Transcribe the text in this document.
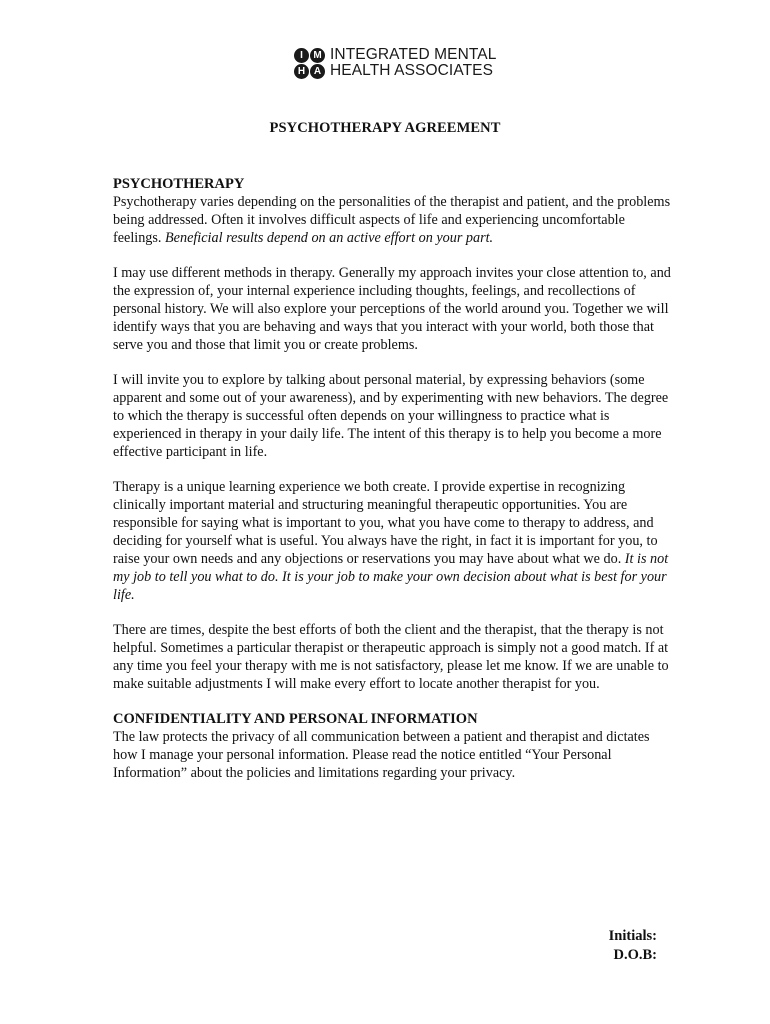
I	M
H A
INTEGRATED MENTAL
HEALTH ASSOCIATES
PSYCHOTHERAPY AGREEMENT

PSYCHOTHERAPY

Psychotherapy varies depending on the personalities of the therapist and patient, and the problems being addressed. Often it involves difficult aspects of life and experiencing uncomfortable feelings. Beneficial results depend on an active effort on your part.

I may use different methods in therapy. Generally my approach invites your close attention to, and the expression of, your internal experience including thoughts, feelings, and recollections of personal history. We will also explore your perceptions of the world around you. Together we will identify ways that you are behaving and ways that you interact with your world, both those that serve you and those that limit you or create problems.

I will invite you to explore by talking about personal material, by expressing behaviors (some apparent and some out of your awareness), and by experimenting with new behaviors. The degree to which the therapy is successful often depends on your willingness to practice what is experienced in therapy in your daily life. The intent of this therapy is to help you become a more effective participant in life.

Therapy is a unique learning experience we both create. I provide expertise in recognizing clinically important material and structuring meaningful therapeutic opportunities. You are responsible for saying what is important to you, what you have come to therapy to address, and deciding for yourself what is useful. You always have the right, in fact it is important for you, to raise your own needs and any objections or reservations you may have about what we do. It is not my job to tell you what to do. It is your job to make your own decision about what is best for your life.

There are times, despite the best efforts of both the client and the therapist, that the therapy is not helpful. Sometimes a particular therapist or therapeutic approach is simply not a good match. If at any time you feel your therapy with me is not satisfactory, please let me know. If we are unable to make suitable adjustments I will make every effort to locate another therapist for you.

CONFIDENTIALITY AND PERSONAL INFORMATION

The law protects the privacy of all communication between a patient and therapist and dictates how I manage your personal information. Please read the notice entitled “Your Personal Information” about the policies and limitations regarding your privacy.

Initials:
D.O.B:
